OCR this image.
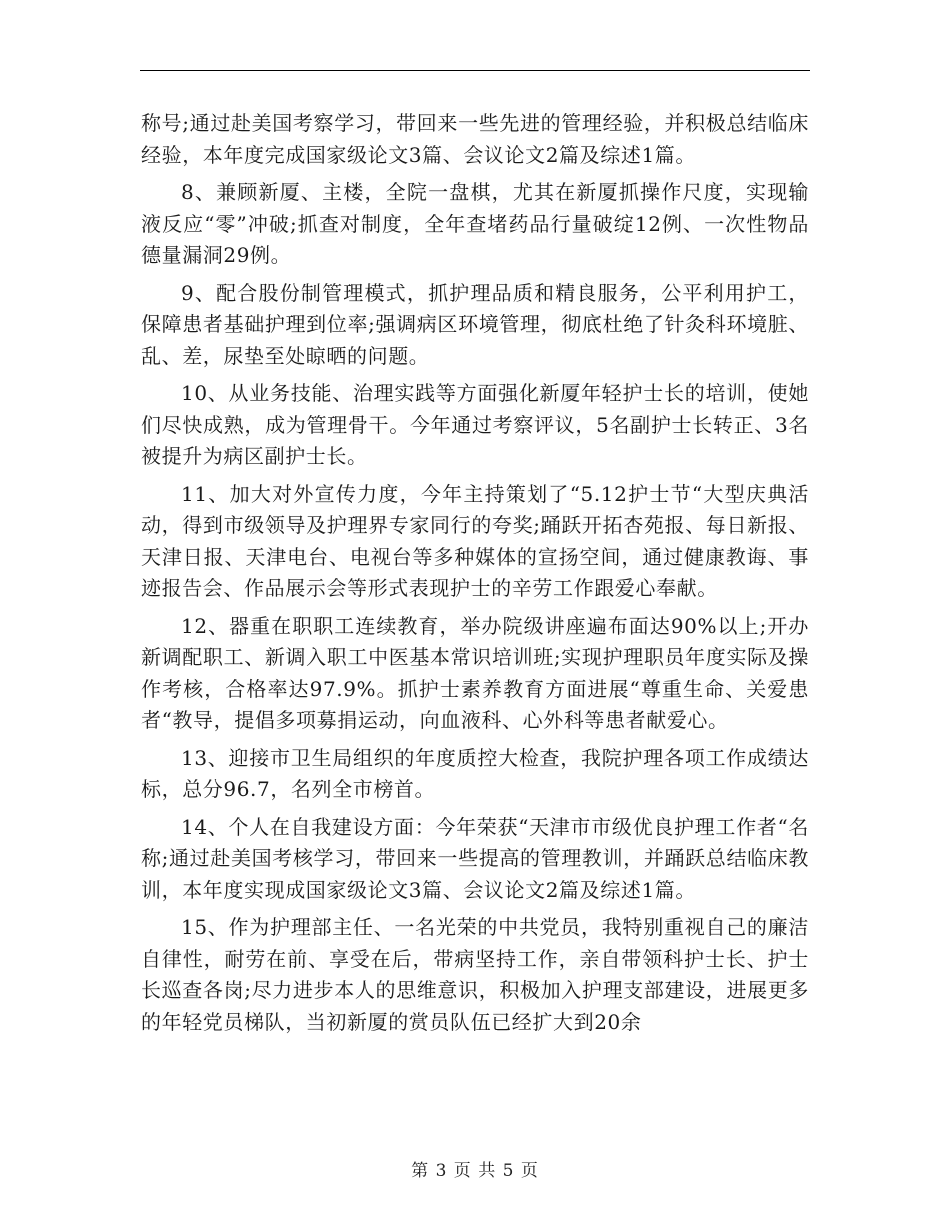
称号;通过赴美国考察学习，带回来一些先进的管理经验，并积极总结临床经验，本年度完成国家级论文3篇、会议论文2篇及综述1篇。

8、兼顾新厦、主楼，全院一盘棋，尤其在新厦抓操作尺度，实现输液反应“零”冲破;抓查对制度，全年查堵药品行量破绽12例、一次性物品德量漏洞29例。

9、配合股份制管理模式，抓护理品质和精良服务，公平利用护工，保障患者基础护理到位率;强调病区环境管理，彻底杜绝了针灸科环境脏、乱、差，尿垫至处晾晒的问题。

10、从业务技能、治理实践等方面强化新厦年轻护士长的培训，使她们尽快成熟，成为管理骨干。今年通过考察评议，5名副护士长转正、3名被提升为病区副护士长。

11、加大对外宣传力度，今年主持策划了“5.12护士节“大型庆典活动，得到市级领导及护理界专家同行的夸奖;踊跃开拓杏苑报、每日新报、天津日报、天津电台、电视台等多种媒体的宣扬空间，通过健康教诲、事迹报告会、作品展示会等形式表现护士的辛劳工作跟爱心奉献。

12、器重在职职工连续教育，举办院级讲座遍布面达90%以上;开办新调配职工、新调入职工中医基本常识培训班;实现护理职员年度实际及操作考核，合格率达97.9%。抓护士素养教育方面进展“尊重生命、关爱患者“教导，提倡多项募捐运动，向血液科、心外科等患者献爱心。

13、迎接市卫生局组织的年度质控大检查，我院护理各项工作成绩达标，总分96.7，名列全市榜首。

14、个人在自我建设方面：今年荣获“天津市市级优良护理工作者“名称;通过赴美国考核学习，带回来一些提高的管理教训，并踊跃总结临床教训，本年度实现成国家级论文3篇、会议论文2篇及综述1篇。

15、作为护理部主任、一名光荣的中共党员，我特别重视自己的廉洁自律性，耐劳在前、享受在后，带病坚持工作，亲自带领科护士长、护士长巡查各岗;尽力进步本人的思维意识，积极加入护理支部建设，进展更多的年轻党员梯队，当初新厦的赏员队伍已经扩大到20余

第 3 页 共 5 页
